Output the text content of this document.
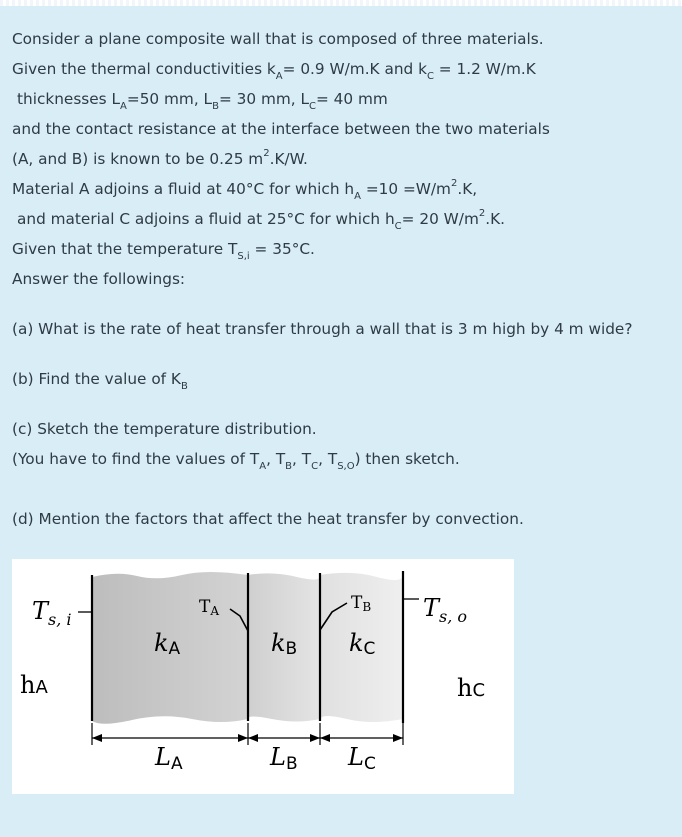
Consider a plane composite wall that is composed of three materials.
Given the thermal conductivities $k_A= 0.9$ W/m.K and $k_C = 1.2$ W/m.K
thicknesses $L_A=50$ mm, $L_B= 30$ mm, $L_C= 40$ mm
and the contact resistance at the interface between the two materials
(A, and B) is known to be 0.25 $m^2.K/W$.
Material A adjoins a fluid at 40°C for which $h_A =10 =W/m^2.K$,
and material C adjoins a fluid at 25°C for which $h_C= 20$ $W/m^2.K$.
Given that the temperature $T_{S,i} = 35^\circ C$.
Answer the followings:
(a) What is the rate of heat transfer through a wall that is 3 m high by 4 m wide?
(b) Find the value of $K_B$
(c) Sketch the temperature distribution.
(You have to find the values of $T_A$, $T_B$, $T_C$, $T_{S,O}$) then sketch.
(d) Mention the factors that affect the heat transfer by convection.
$T_{s, i}$	$T_{s, o}$
TA	TB
kA	kB kC
hA	hC
LA	LB LC
